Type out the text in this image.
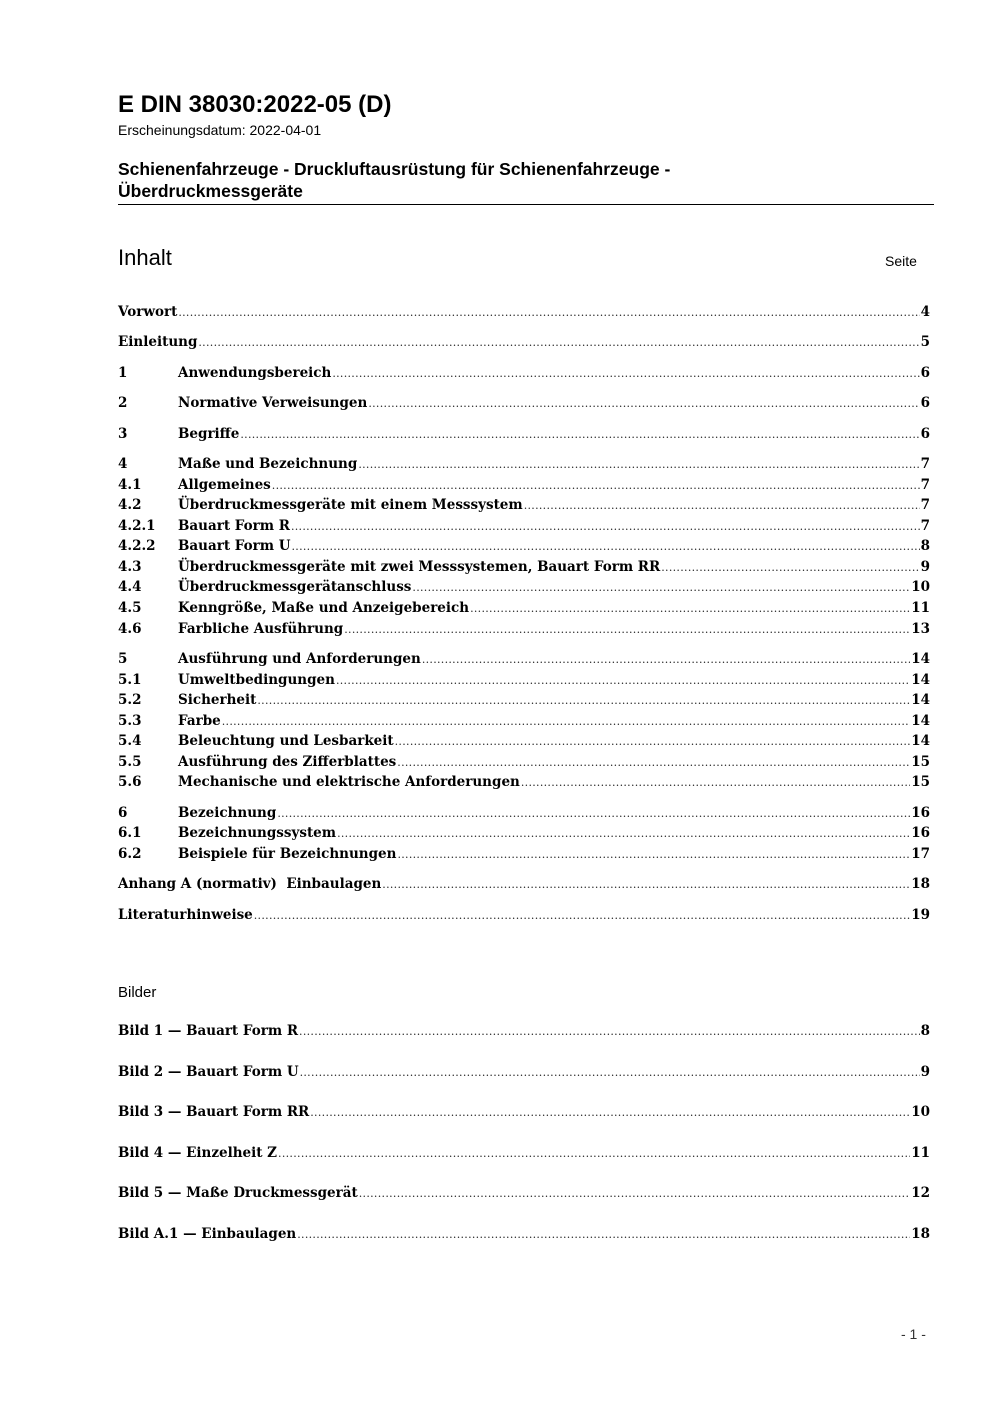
E DIN 38030:2022-05 (D)
Erscheinungsdatum: 2022-04-01
Schienenfahrzeuge - Druckluftausrüstung für Schienenfahrzeuge -
Überdruckmessgeräte
Inhalt	Seite
Vorwort .....	4
Einleitung .....	5
1	Anwendungsbereich .....	6
2	Normative Verweisungen .....	6
3	Begriffe .....	6
4	Maße und Bezeichnung .....	7
4.1	Allgemeines .....	7
4.2	Überdruckmessgeräte mit einem Messsystem .....	7
4.2.1	Bauart Form R .....	7
4.2.2	Bauart Form U .....	8
4.3	Überdruckmessgeräte mit zwei Messsystemen, Bauart Form RR .....	9
4.4	Überdruckmessgerätanschluss .....	10
4.5	Kenngröße, Maße und Anzeigebereich .....	11
4.6	Farbliche Ausführung .....	13
5	Ausführung und Anforderungen .....	14
5.1	Umweltbedingungen .....	14
5.2	Sicherheit .....	14
5.3	Farbe .....	14
5.4	Beleuchtung und Lesbarkeit .....	14
5.5	Ausführung des Zifferblattes .....	15
5.6	Mechanische und elektrische Anforderungen .....	15
6	Bezeichnung .....	16
6.1	Bezeichnungssystem .....	16
6.2	Beispiele für Bezeichnungen .....	17
Anhang A (normativ)  Einbaulagen .....	18
Literaturhinweise .....	19
Bild 1 — Bauart Form R .....	8
Bild 2 — Bauart Form U .....	9
Bild 3 — Bauart Form RR .....	10
Bild 4 — Einzelheit Z .....	11
Bild 5 — Maße Druckmessgerät .....	12
Bild A.1 — Einbaulagen .....	18
Bilder
- 1 -
